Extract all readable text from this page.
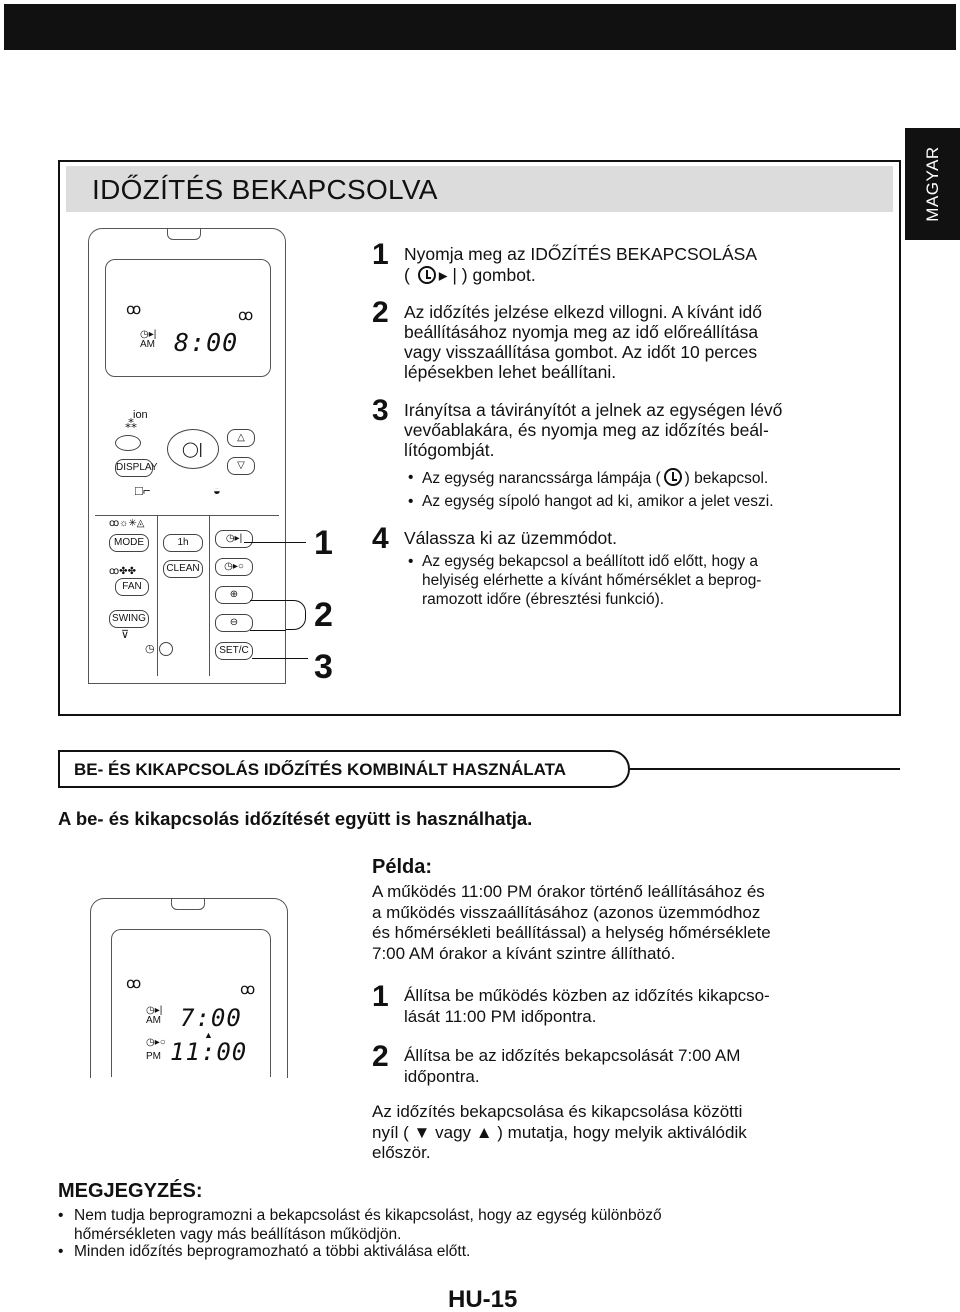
MAGYAR
IDŐZÍTÉS BEKAPCSOLVA
ꝏ	ꝏ
◷▸|
AM 8:00
ion
⁂
◯|
△
▽
DISPLAY
□⌐	◒
ꝏ☼✳◬
MODE
ꝏ✤✤
FAN
SWING
⊽
◷
1h
CLEAN
◷▸|
◷▸○
⊕
⊖
SET/C
1
2
3
1 Nyomja meg az IDŐZÍTÉS BEKAPCSOLÁSA
( ▸ | ) gombot.
2 Az időzítés jelzése elkezd villogni. A kívánt idő
beállításához nyomja meg az idő előreállítása
vagy visszaállítása gombot. Az időt 10 perces
lépésekben lehet beállítani.
3 Irányítsa a távirányítót a jelnek az egységen lévő
vevőablakára, és nyomja meg az időzítés beál-
lítógombját.
• Az egység narancssárga lámpája ( ) bekapcsol.
• Az egység sípoló hangot ad ki, amikor a jelet veszi.
4 Válassza ki az üzemmódot.
• Az egység bekapcsol a beállított idő előtt, hogy a
helyiség elérhette a kívánt hőmérséklet a beprog-
ramozott időre (ébresztési funkció).
BE- ÉS KIKAPCSOLÁS IDŐZÍTÉS KOMBINÁLT HASZNÁLATA
A be- és kikapcsolás időzítését együtt is használhatja.
ꝏ	ꝏ
◷▸|
AM 7:00
▲
◷▸○
PM 11:00
Példa:
A működés 11:00 PM órakor történő leállításához és
a működés visszaállításához (azonos üzemmódhoz
és hőmérsékleti beállítással) a helység hőmérséklete
7:00 AM órakor a kívánt szintre állítható.
1 Állítsa be működés közben az időzítés kikapcso-
lását 11:00 PM időpontra.
2 Állítsa be az időzítés bekapcsolását 7:00 AM
időpontra.
Az időzítés bekapcsolása és kikapcsolása közötti
nyíl ( ▼ vagy ▲ ) mutatja, hogy melyik aktiválódik
először.
MEGJEGYZÉS:
• Nem tudja beprogramozni a bekapcsolást és kikapcsolást, hogy az egység különböző
hőmérsékleten vagy más beállításon működjön.
• Minden időzítés beprogramozható a többi aktiválása előtt.
HU-15
